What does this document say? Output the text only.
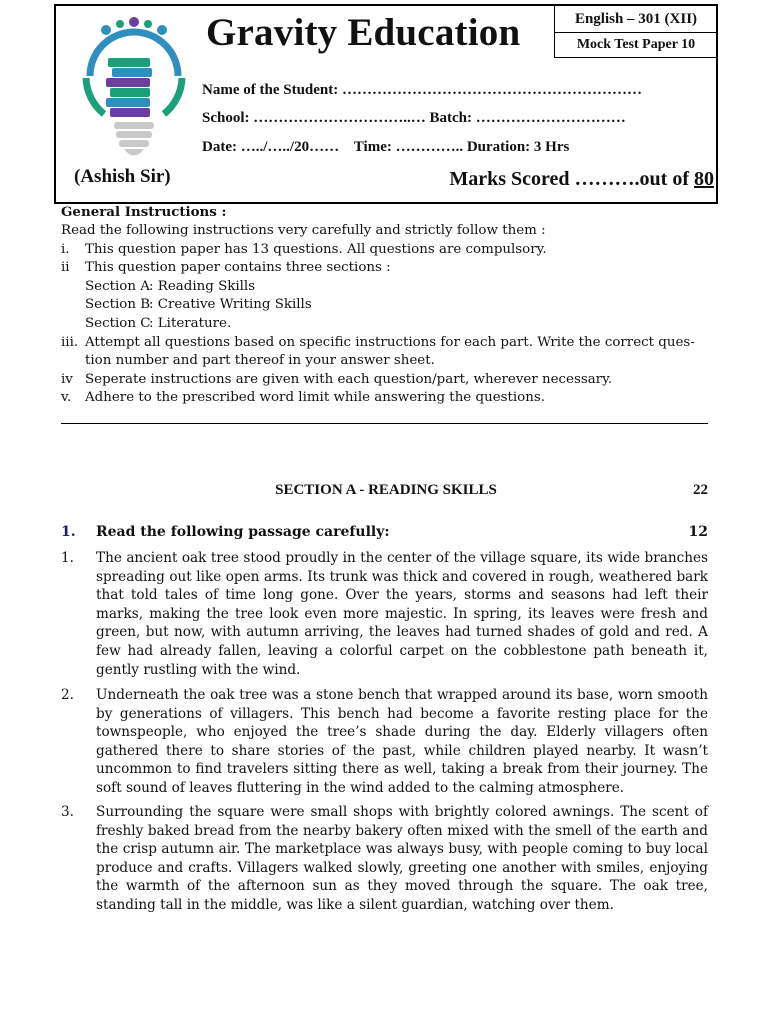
(Ashish Sir)
Gravity Education	English – 301 (XII)
Mock Test Paper 10
Name of the Student: ……………………………………………………
School: …………………………..… Batch: …………………………
Date: …../…../20……    Time: ………….. Duration: 3 Hrs
Marks Scored ……….out of 80
General Instructions :
Read the following instructions very carefully and strictly follow them :
i.	This question paper has 13 questions. All questions are compulsory.
ii	This question paper contains three sections :
Section A : Reading Skills
Section B
: Creative Writing Skills
Section C
: Literature.
iii. Attempt all questions based on specific instructions for each part. Write the correct ques-
tion number and part thereof in your answer sheet.
iv Seperate instructions are given with each question/part, wherever necessary.
v.	Adhere to the prescribed word limit while answering the questions.
SECTION A - READING SKILLS	22
1. Read the following passage carefully:	12
1. The ancient oak tree stood proudly in the center of the village square, its wide branches spreading out like open arms. Its trunk was thick and covered in rough, weathered bark that told tales of time long gone. Over the years, storms and seasons had left their marks, making the tree look even more majestic. In spring, its leaves were fresh and green, but now, with autumn arriving, the leaves had turned shades of gold and red. A few had already fallen, leaving a colorful carpet on the cobblestone path beneath it, gently rustling with the wind.
2. Underneath the oak tree was a stone bench that wrapped around its base, worn smooth by generations of villagers. This bench had become a favorite resting place for the townspeople, who enjoyed the tree’s shade during the day. Elderly villagers often gathered there to share stories of the past, while children played nearby. It wasn’t uncommon to find travelers sitting there as well, taking a break from their journey. The soft sound of leaves fluttering in the wind added to the calming atmosphere.
3. Surrounding the square were small shops with brightly colored awnings. The scent of freshly baked bread from the nearby bakery often mixed with the smell of the earth and the crisp autumn air. The marketplace was always busy, with people coming to buy local produce and crafts. Villagers walked slowly, greeting one another with smiles, enjoying the warmth of the afternoon sun as they moved through the square. The oak tree, standing tall in the middle, was like a silent guardian, watching over them.
